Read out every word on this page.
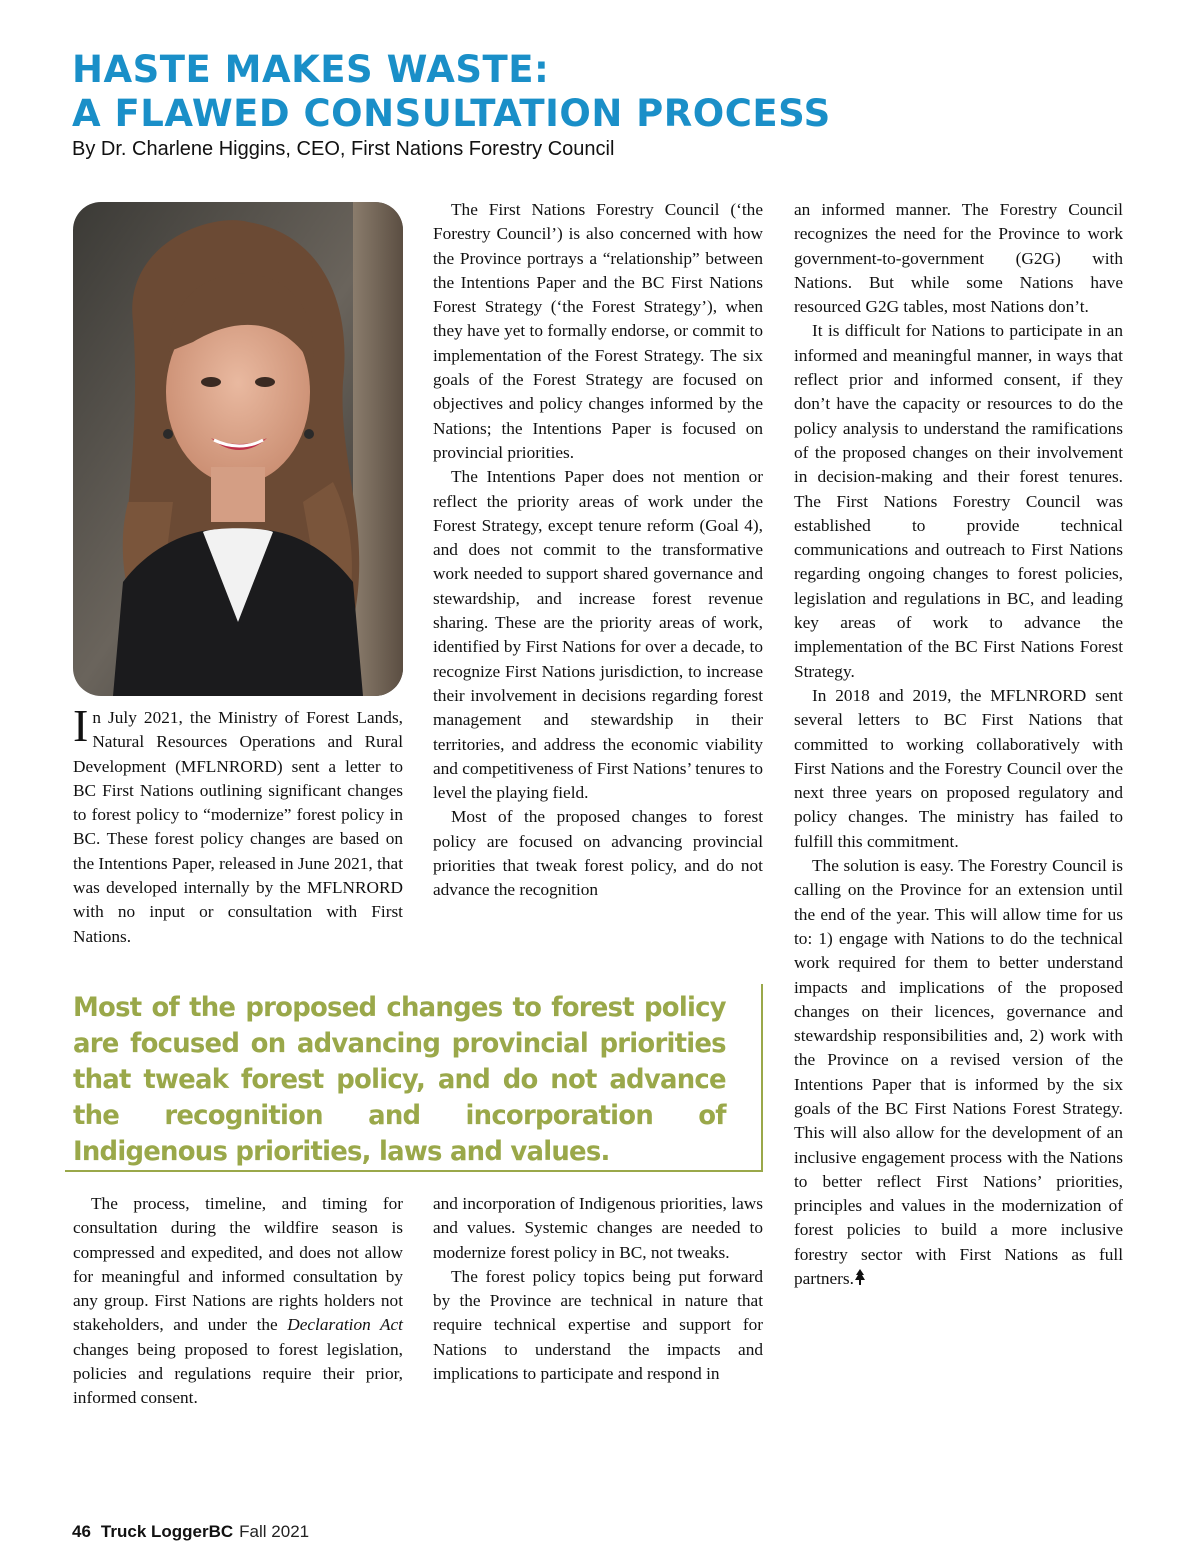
HASTE MAKES WASTE:
A FLAWED CONSULTATION PROCESS

By Dr. Charlene Higgins, CEO, First Nations Forestry Council

In July 2021, the Ministry of Forest Lands, Natural Resources Operations and Rural Development (MFLNRORD) sent a letter to BC First Nations outlining significant changes to forest policy to “modernize” forest policy in BC. These forest policy changes are based on the Intentions Paper, released in June 2021, that was developed internally by the MFLNRORD with no input or consultation with First Nations.

The First Nations Forestry Council (‘the Forestry Council’) is also concerned with how the Province portrays a “relationship” between the Intentions Paper and the BC First Nations Forest Strategy (‘the Forest Strategy’), when they have yet to formally endorse, or commit to implementation of the Forest Strategy. The six goals of the Forest Strategy are focused on objectives and policy changes informed by the Nations; the Intentions Paper is focused on provincial priorities.

The Intentions Paper does not mention or reflect the priority areas of work under the Forest Strategy, except tenure reform (Goal 4), and does not commit to the transformative work needed to support shared governance and stewardship, and increase forest revenue sharing. These are the priority areas of work, identified by First Nations for over a decade, to recognize First Nations jurisdiction, to increase their involvement in decisions regarding forest management and stewardship in their territories, and address the economic viability and competitiveness of First Nations’ tenures to level the playing field.

Most of the proposed changes to forest policy are focused on advancing provincial priorities that tweak forest policy, and do not advance the recognition

an informed manner. The Forestry Council recognizes the need for the Province to work government-to-government (G2G) with Nations. But while some Nations have resourced G2G tables, most Nations don’t.

It is difficult for Nations to participate in an informed and meaningful manner, in ways that reflect prior and informed consent, if they don’t have the capacity or resources to do the policy analysis to understand the ramifications of the proposed changes on their involvement in decision-making and their forest tenures. The First Nations Forestry Council was established to provide technical communications and outreach to First Nations regarding ongoing changes to forest policies, legislation and regulations in BC, and leading key areas of work to advance the implementation of the BC First Nations Forest Strategy.

In 2018 and 2019, the MFLNRORD sent several letters to BC First Nations that committed to working collaboratively with First Nations and the Forestry Council over the next three years on proposed regulatory and policy changes. The ministry has failed to fulfill this commitment.

The solution is easy. The Forestry Council is calling on the Province for an extension until the end of the year. This will allow time for us to: 1) engage with Nations to do the technical work required for them to better understand impacts and implications of the proposed changes on their licences, governance and stewardship responsibilities and, 2) work with the Province on a revised version of the Intentions Paper that is informed by the six goals of the BC First Nations Forest Strategy. This will also allow for the development of an inclusive engagement process with the Nations to better reflect First Nations’ priorities, principles and values in the modernization of forest policies to build a more inclusive forestry sector with First Nations as full partners.

Most of the proposed changes to forest policy are focused on advancing provincial priorities that tweak forest policy, and do not advance the recognition and incorporation of Indigenous priorities, laws and values.

The process, timeline, and timing for consultation during the wildfire season is compressed and expedited, and does not allow for meaningful and informed consultation by any group. First Nations are rights holders not stakeholders, and under the Declaration Act changes being proposed to forest legislation, policies and regulations require their prior, informed consent.

and incorporation of Indigenous priorities, laws and values. Systemic changes are needed to modernize forest policy in BC, not tweaks.

The forest policy topics being put forward by the Province are technical in nature that require technical expertise and support for Nations to understand the impacts and implications to participate and respond in

46 Truck LoggerBC Fall 2021
